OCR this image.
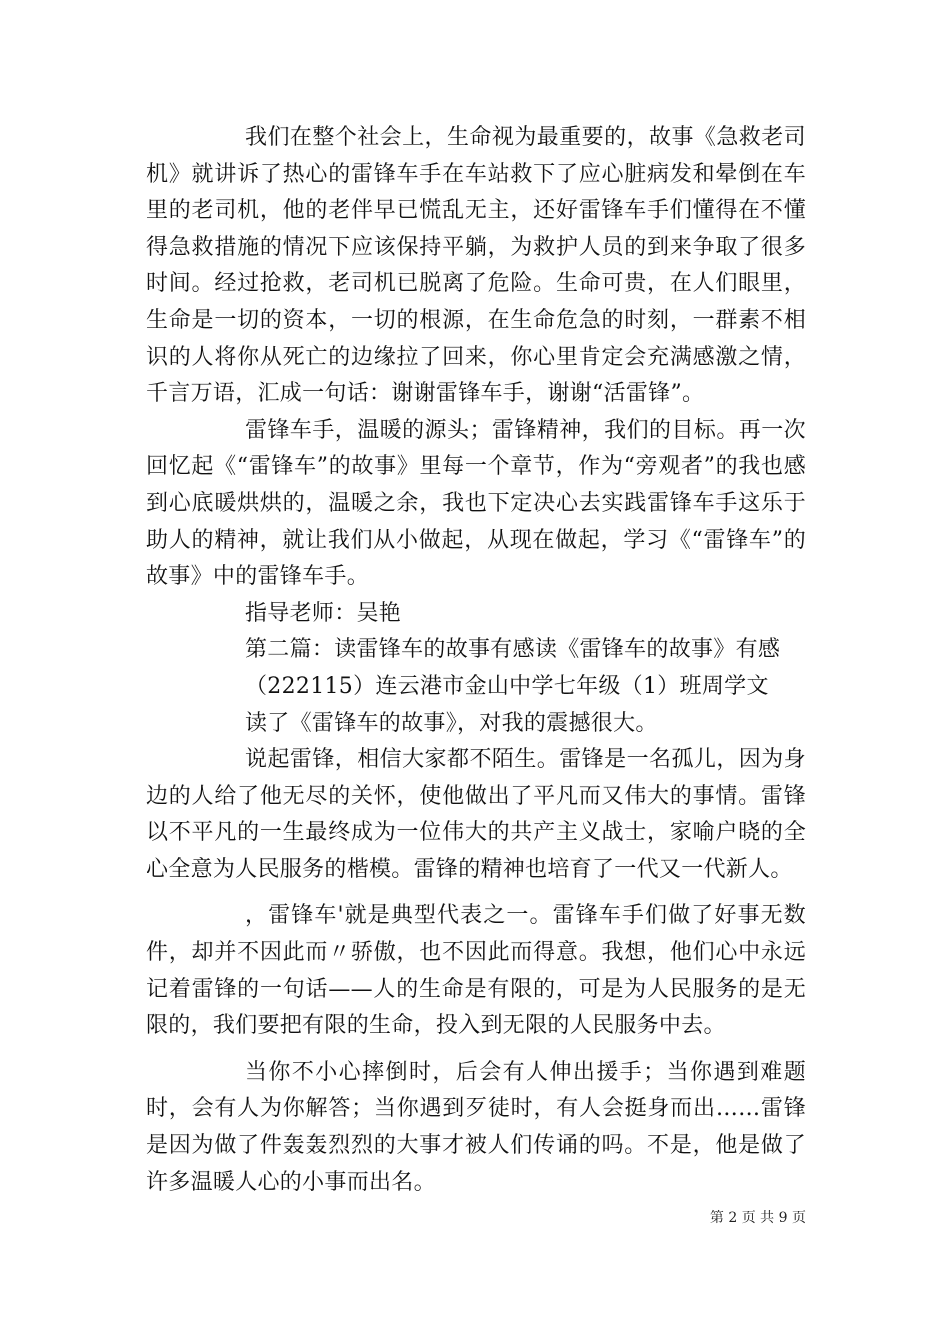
我们在整个社会上，生命视为最重要的，故事《急救老司机》就讲诉了热心的雷锋车手在车站救下了应心脏病发和晕倒在车里的老司机，他的老伴早已慌乱无主，还好雷锋车手们懂得在不懂得急救措施的情况下应该保持平躺，为救护人员的到来争取了很多时间。经过抢救，老司机已脱离了危险。生命可贵，在人们眼里，生命是一切的资本，一切的根源，在生命危急的时刻，一群素不相识的人将你从死亡的边缘拉了回来，你心里肯定会充满感激之情，千言万语，汇成一句话：谢谢雷锋车手，谢谢“活雷锋”。

雷锋车手，温暖的源头；雷锋精神，我们的目标。再一次回忆起《“雷锋车”的故事》里每一个章节，作为“旁观者”的我也感到心底暖烘烘的，温暖之余，我也下定决心去实践雷锋车手这乐于助人的精神，就让我们从小做起，从现在做起，学习《“雷锋车”的故事》中的雷锋车手。

指导老师：吴艳

第二篇：读雷锋车的故事有感读《雷锋车的故事》有感

（222115）连云港市金山中学七年级（1）班周学文

读了《雷锋车的故事》，对我的震撼很大。

说起雷锋，相信大家都不陌生。雷锋是一名孤儿，因为身边的人给了他无尽的关怀，使他做出了平凡而又伟大的事情。雷锋以不平凡的一生最终成为一位伟大的共产主义战士，家喻户晓的全心全意为人民服务的楷模。雷锋的精神也培育了一代又一代新人。

，雷锋车'就是典型代表之一。雷锋车手们做了好事无数件，却并不因此而〃骄傲，也不因此而得意。我想，他们心中永远记着雷锋的一句话——人的生命是有限的，可是为人民服务的是无限的，我们要把有限的生命，投入到无限的人民服务中去。

当你不小心摔倒时，后会有人伸出援手；当你遇到难题时，会有人为你解答；当你遇到歹徒时，有人会挺身而出……雷锋是因为做了件轰轰烈烈的大事才被人们传诵的吗。不是，他是做了许多温暖人心的小事而出名。

第 2 页 共 9 页
